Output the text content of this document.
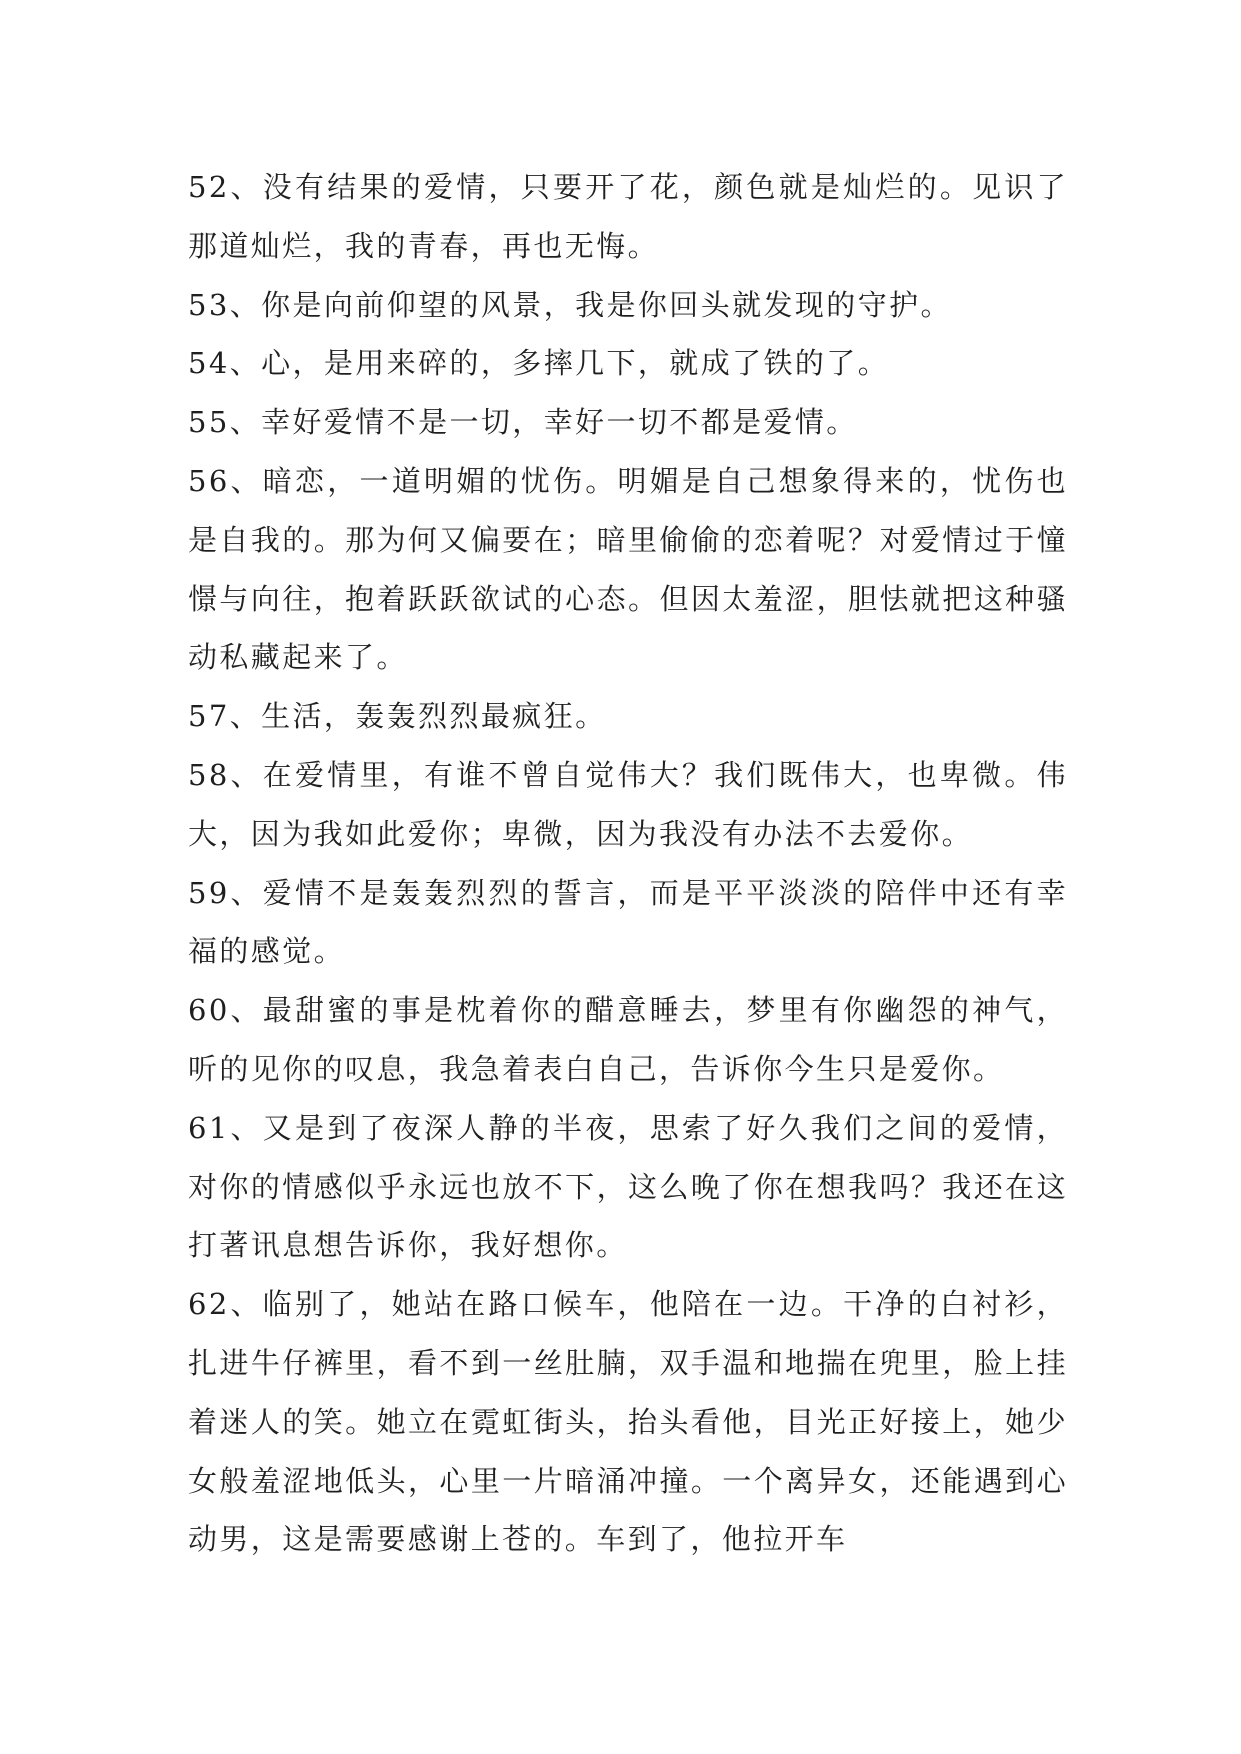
52、没有结果的爱情，只要开了花，颜色就是灿烂的。见识了那道灿烂，我的青春，再也无悔。

53、你是向前仰望的风景，我是你回头就发现的守护。

54、心，是用来碎的，多摔几下，就成了铁的了。

55、幸好爱情不是一切，幸好一切不都是爱情。

56、暗恋，一道明媚的忧伤。明媚是自己想象得来的，忧伤也是自我的。那为何又偏要在；暗里偷偷的恋着呢？对爱情过于憧憬与向往，抱着跃跃欲试的心态。但因太羞涩，胆怯就把这种骚动私藏起来了。

57、生活，轰轰烈烈最疯狂。

58、在爱情里，有谁不曾自觉伟大？我们既伟大，也卑微。伟大，因为我如此爱你；卑微，因为我没有办法不去爱你。

59、爱情不是轰轰烈烈的誓言，而是平平淡淡的陪伴中还有幸福的感觉。

60、最甜蜜的事是枕着你的醋意睡去，梦里有你幽怨的神气，听的见你的叹息，我急着表白自己，告诉你今生只是爱你。

61、又是到了夜深人静的半夜，思索了好久我们之间的爱情，对你的情感似乎永远也放不下，这么晚了你在想我吗？我还在这打著讯息想告诉你，我好想你。

62、临别了，她站在路口候车，他陪在一边。干净的白衬衫，扎进牛仔裤里，看不到一丝肚腩，双手温和地揣在兜里，脸上挂着迷人的笑。她立在霓虹街头，抬头看他，目光正好接上，她少女般羞涩地低头，心里一片暗涌冲撞。一个离异女，还能遇到心动男，这是需要感谢上苍的。车到了，他拉开车
